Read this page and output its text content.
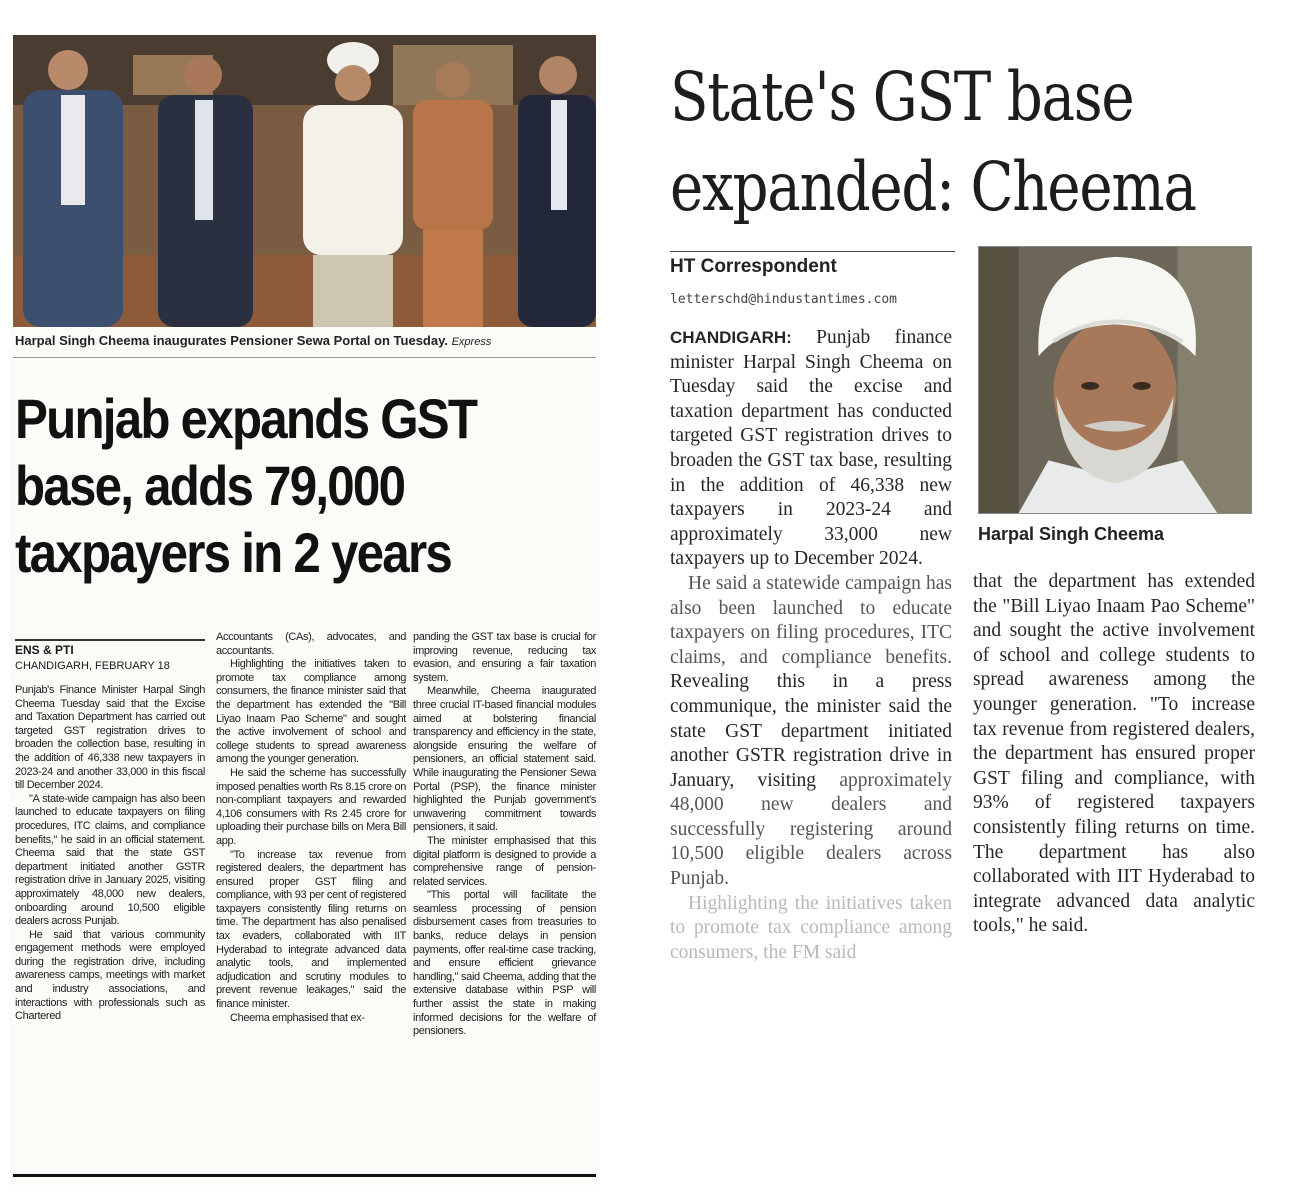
Harpal Singh Cheema inaugurates Pensioner Sewa Portal on Tuesday. Express
Punjab expands GST
base, adds 79,000
taxpayers in 2 years
ENS & PTI
CHANDIGARH, FEBRUARY 18

Punjab's Finance Minister Harpal Singh Cheema Tuesday said that the Excise and Taxation Department has carried out targeted GST registration drives to broaden the collection base, resulting in the addition of 46,338 new taxpayers in 2023-24 and another 33,000 in this fiscal till December 2024.

"A state-wide campaign has also been launched to educate taxpayers on filing procedures, ITC claims, and compliance benefits," he said in an official statement. Cheema said that the state GST department initiated another GSTR registration drive in January 2025, visiting approximately 48,000 new dealers, onboarding around 10,500 eligible dealers across Punjab.

He said that various community engagement methods were employed during the registration drive, including awareness camps, meetings with market and industry associations, and interactions with professionals such as Chartered

Accountants (CAs), advocates, and accountants.

Highlighting the initiatives taken to promote tax compliance among consumers, the finance minister said that the department has extended the "Bill Liyao Inaam Pao Scheme" and sought the active involvement of school and college students to spread awareness among the younger generation.

He said the scheme has successfully imposed penalties worth Rs 8.15 crore on non-compliant taxpayers and rewarded 4,106 consumers with Rs 2.45 crore for uploading their purchase bills on Mera Bill app.

"To increase tax revenue from registered dealers, the department has ensured proper GST filing and compliance, with 93 per cent of registered taxpayers consistently filing returns on time. The department has also penalised tax evaders, collaborated with IIT Hyderabad to integrate advanced data analytic tools, and implemented adjudication and scrutiny modules to prevent revenue leakages," said the finance minister.

Cheema emphasised that ex-

panding the GST tax base is crucial for improving revenue, reducing tax evasion, and ensuring a fair taxation system.

Meanwhile, Cheema inaugurated three crucial IT-based financial modules aimed at bolstering financial transparency and efficiency in the state, alongside ensuring the welfare of pensioners, an official statement said. While inaugurating the Pensioner Sewa Portal (PSP), the finance minister highlighted the Punjab government's unwavering commitment towards pensioners, it said.

The minister emphasised that this digital platform is designed to provide a comprehensive range of pension-related services.

"This portal will facilitate the seamless processing of pension disbursement cases from treasuries to banks, reduce delays in pension payments, offer real-time case tracking, and ensure efficient grievance handling," said Cheema, adding that the extensive database within PSP will further assist the state in making informed decisions for the welfare of pensioners.

State's GST base
expanded: Cheema
HT Correspondent
letterschd@hindustantimes.com

CHANDIGARH: Punjab finance minister Harpal Singh Cheema on Tuesday said the excise and taxation department has conducted targeted GST registration drives to broaden the GST tax base, resulting in the addition of 46,338 new taxpayers in 2023-24 and approximately 33,000 new taxpayers up to December 2024.

He said a statewide campaign has also been launched to educate taxpayers on filing procedures, ITC claims, and compliance benefits. Revealing this in a press communique, the minister said the state GST department initiated another GSTR registration drive in January, visiting approximately 48,000 new dealers and successfully registering around 10,500 eligible dealers across Punjab.

Highlighting the initiatives taken to promote tax compliance among consumers, the FM said

Harpal Singh Cheema

that the department has extended the "Bill Liyao Inaam Pao Scheme" and sought the active involvement of school and college students to spread awareness among the younger generation. "To increase tax revenue from registered dealers, the department has ensured proper GST filing and compliance, with 93% of registered taxpayers consistently filing returns on time. The department has also collaborated with IIT Hyderabad to integrate advanced data analytic tools," he said.
